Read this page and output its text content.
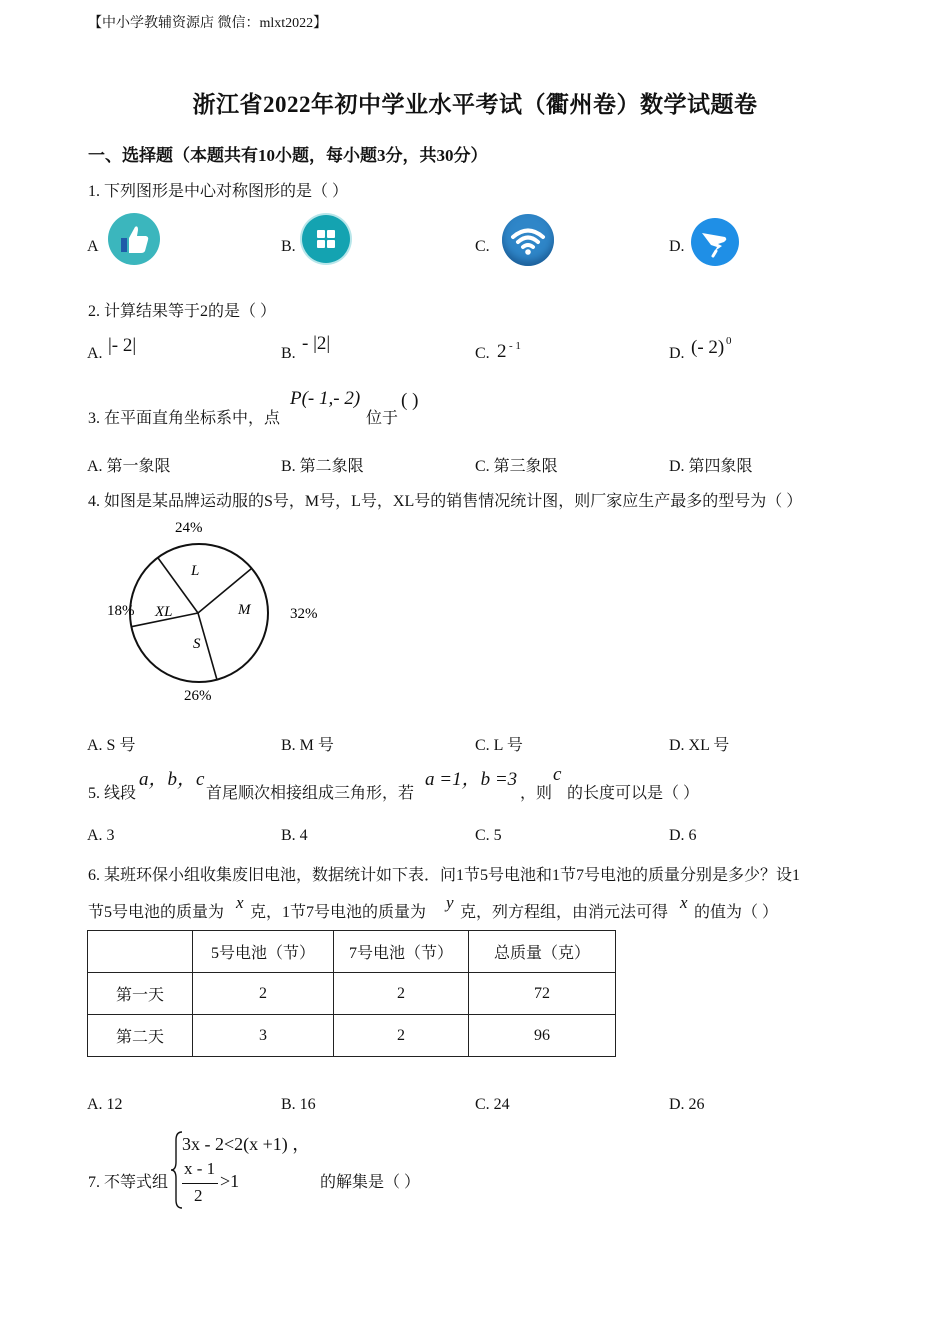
【中小学教辅资源店 微信：mlxt2022】
浙江省2022年初中学业水平考试（衢州卷）数学试题卷
一、选择题（本题共有10小题，每小题3分，共30分）
1. 下列图形是中心对称图形的是（ ）
A	B.	C.	D.
2. 计算结果等于2的是（ ）
A. |- 2|	B. - |2|	C. 2 - 1	D. (- 2) 0
3. 在平面直角坐标系中，点
P(- 1,- 2)
位于
( )
A. 第一象限	B. 第二象限	C. 第三象限	D. 第四象限
4. 如图是某品牌运动服的S号，M号，L号，XL号的销售情况统计图，则厂家应生产最多的型号为（ ）
L
24%
M	32%
S
26%
XL
18%
A. S 号	B. M 号	C. L 号	D. XL 号
5. 线段
a，b，c
首尾顺次相接组成三角形，若
a =1，b =3
，则
c
的长度可以是（ ）
A. 3	B. 4	C. 5	D. 6
6. 某班环保小组收集废旧电池，数据统计如下表．问1节5号电池和1节7号电池的质量分别是多少？设1
节5号电池的质量为
x
克，1节7号电池的质量为
y
克，列方程组，由消元法可得
x
的值为（ ）
	5号电池（节）	7号电池（节）	总质量（克）
第一天	2	2	72
第二天	3	2	96
A. 12	B. 16	C. 24	D. 26
7. 不等式组
3x - 2<2(x +1) ，
x - 1
2
>1	的解集是（ ）
